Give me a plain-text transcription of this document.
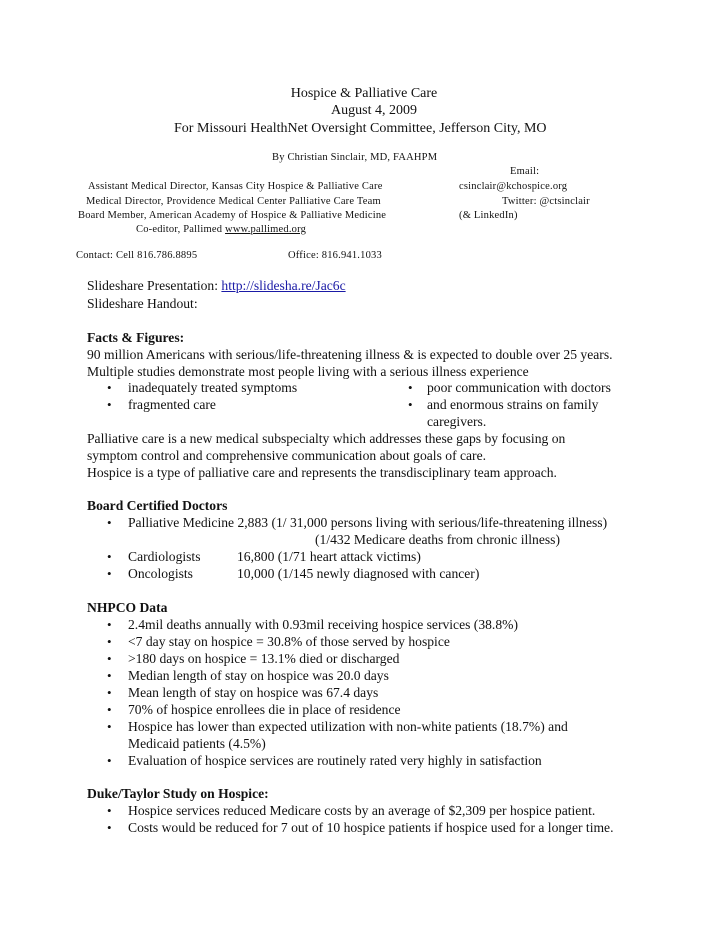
Hospice & Palliative Care
August 4, 2009
For Missouri HealthNet Oversight Committee, Jefferson City, MO
By Christian Sinclair, MD, FAAHPM
Email:
Assistant Medical Director, Kansas City Hospice & Palliative Care	csinclair@kchospice.org
Medical Director, Providence Medical Center Palliative Care Team	Twitter: @ctsinclair
Board Member, American Academy of Hospice & Palliative Medicine	(& LinkedIn)
Co-editor, Pallimed www.pallimed.org
Contact: Cell 816.786.8895	Office: 816.941.1033
Slideshare Presentation: http://slidesha.re/Jac6c
Slideshare Handout:
Facts & Figures:
90 million Americans with serious/life-threatening illness & is expected to double over 25 years.
Multiple studies demonstrate most people living with a serious illness experience
• inadequately treated symptoms	• poor communication with doctors
• fragmented care	• and enormous strains on family
caregivers.
Palliative care is a new medical subspecialty which addresses these gaps by focusing on
symptom control and comprehensive communication about goals of care.
Hospice is a type of palliative care and represents the transdisciplinary team approach.
Board Certified Doctors
• Palliative Medicine 2,883 (1/ 31,000 persons living with serious/life-threatening illness)
(1/432 Medicare deaths from chronic illness)
• Cardiologists	16,800 (1/71 heart attack victims)
• Oncologists	10,000 (1/145 newly diagnosed with cancer)
NHPCO Data
• 2.4mil deaths annually with 0.93mil receiving hospice services (38.8%)
• <7 day stay on hospice = 30.8% of those served by hospice
• >180 days on hospice = 13.1% died or discharged
• Median length of stay on hospice was 20.0 days
• Mean length of stay on hospice was 67.4 days
• 70% of hospice enrollees die in place of residence
• Hospice has lower than expected utilization with non-white patients (18.7%) and
Medicaid patients (4.5%)
• Evaluation of hospice services are routinely rated very highly in satisfaction
Duke/Taylor Study on Hospice:
• Hospice services reduced Medicare costs by an average of $2,309 per hospice patient.
• Costs would be reduced for 7 out of 10 hospice patients if hospice used for a longer time.
